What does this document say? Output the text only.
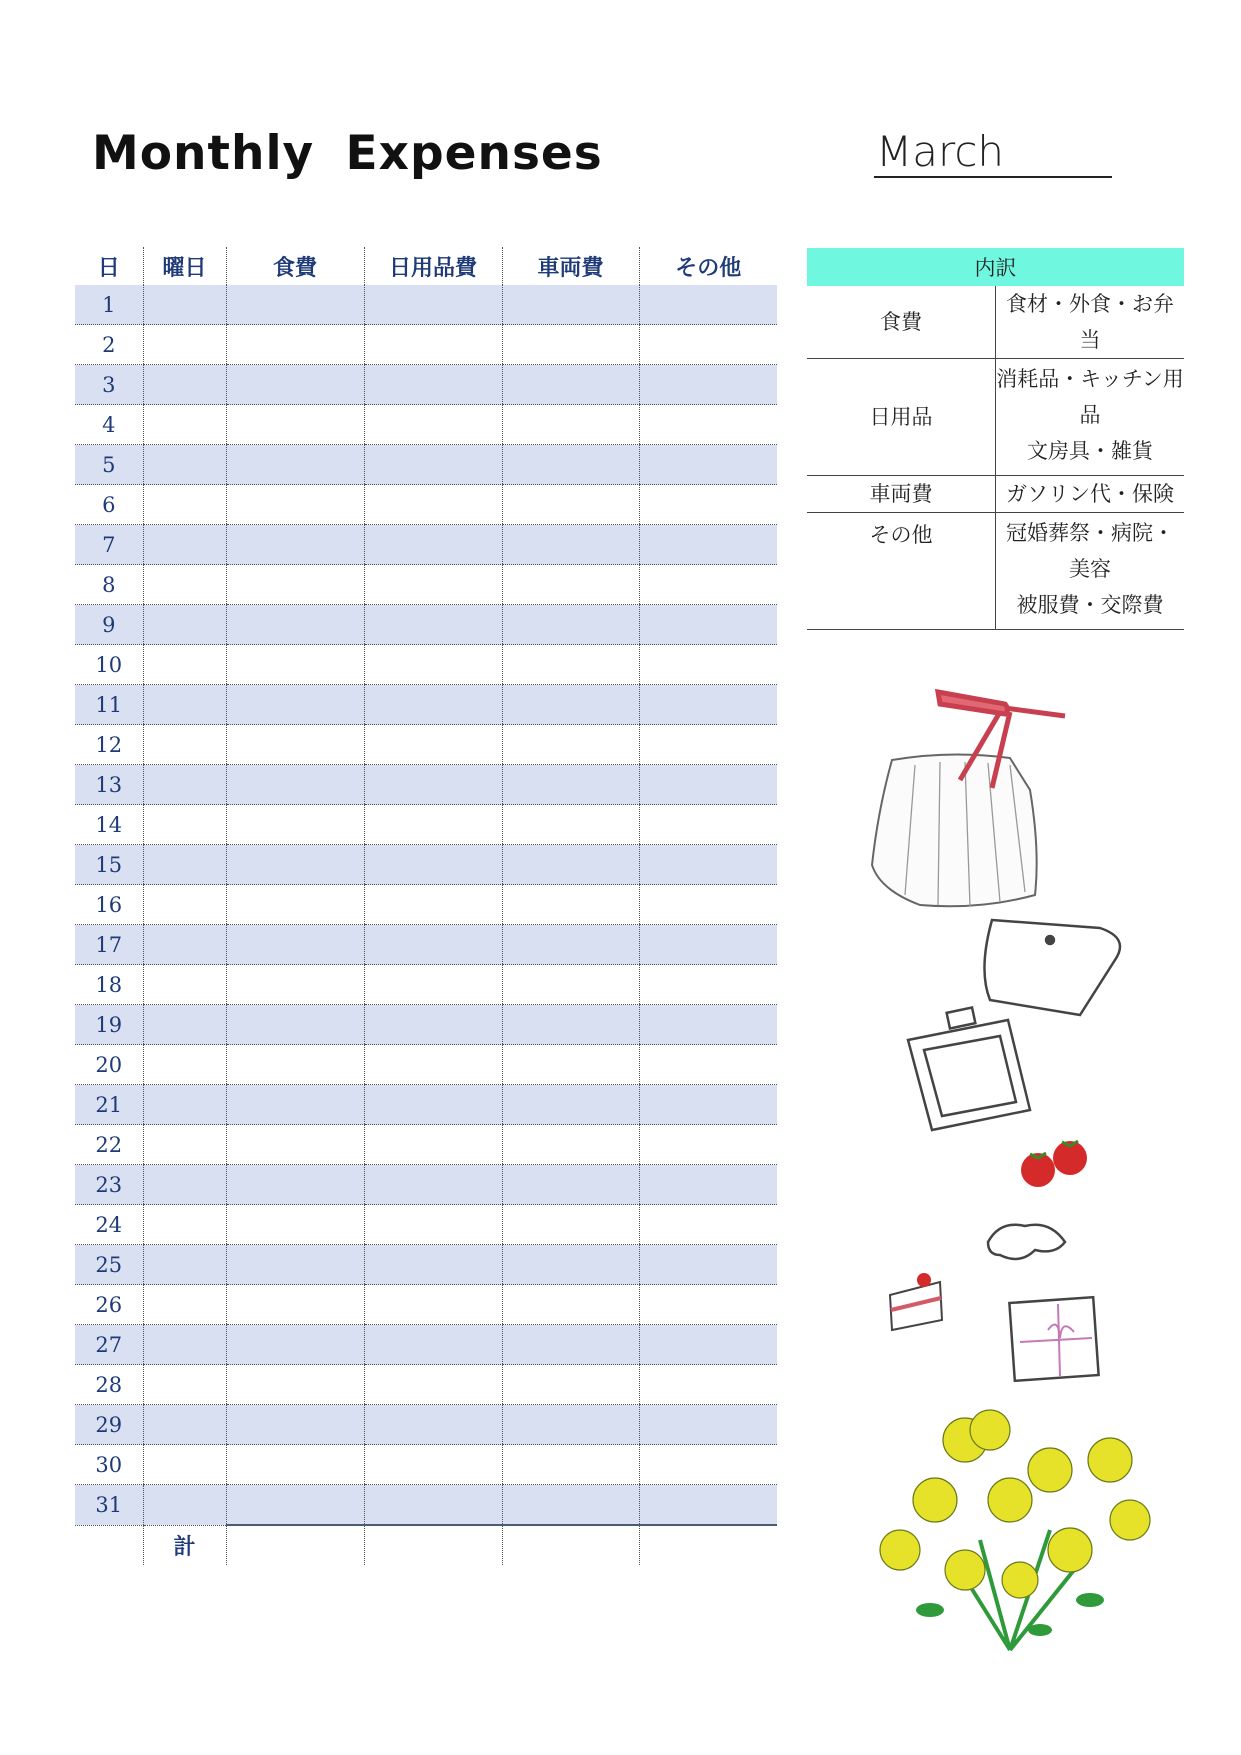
Monthly Expenses	March
日	曜日	食費	日用品費	車両費	その他
1					
2					
3					
4					
5					
6					
7					
8					
9					
10					
11					
12					
13					
14					
15					
16					
17					
18					
19					
20					
21					
22					
23					
24					
25					
26					
27					
28					
29					
30					
31					
	計				
内訳	
食費	食材・外食・お弁当

日用品	消耗品・キッチン用品
文房具・雑貨

車両費	ガソリン代・保険

その他	冠婚葬祭・病院・美容
被服費・交際費
